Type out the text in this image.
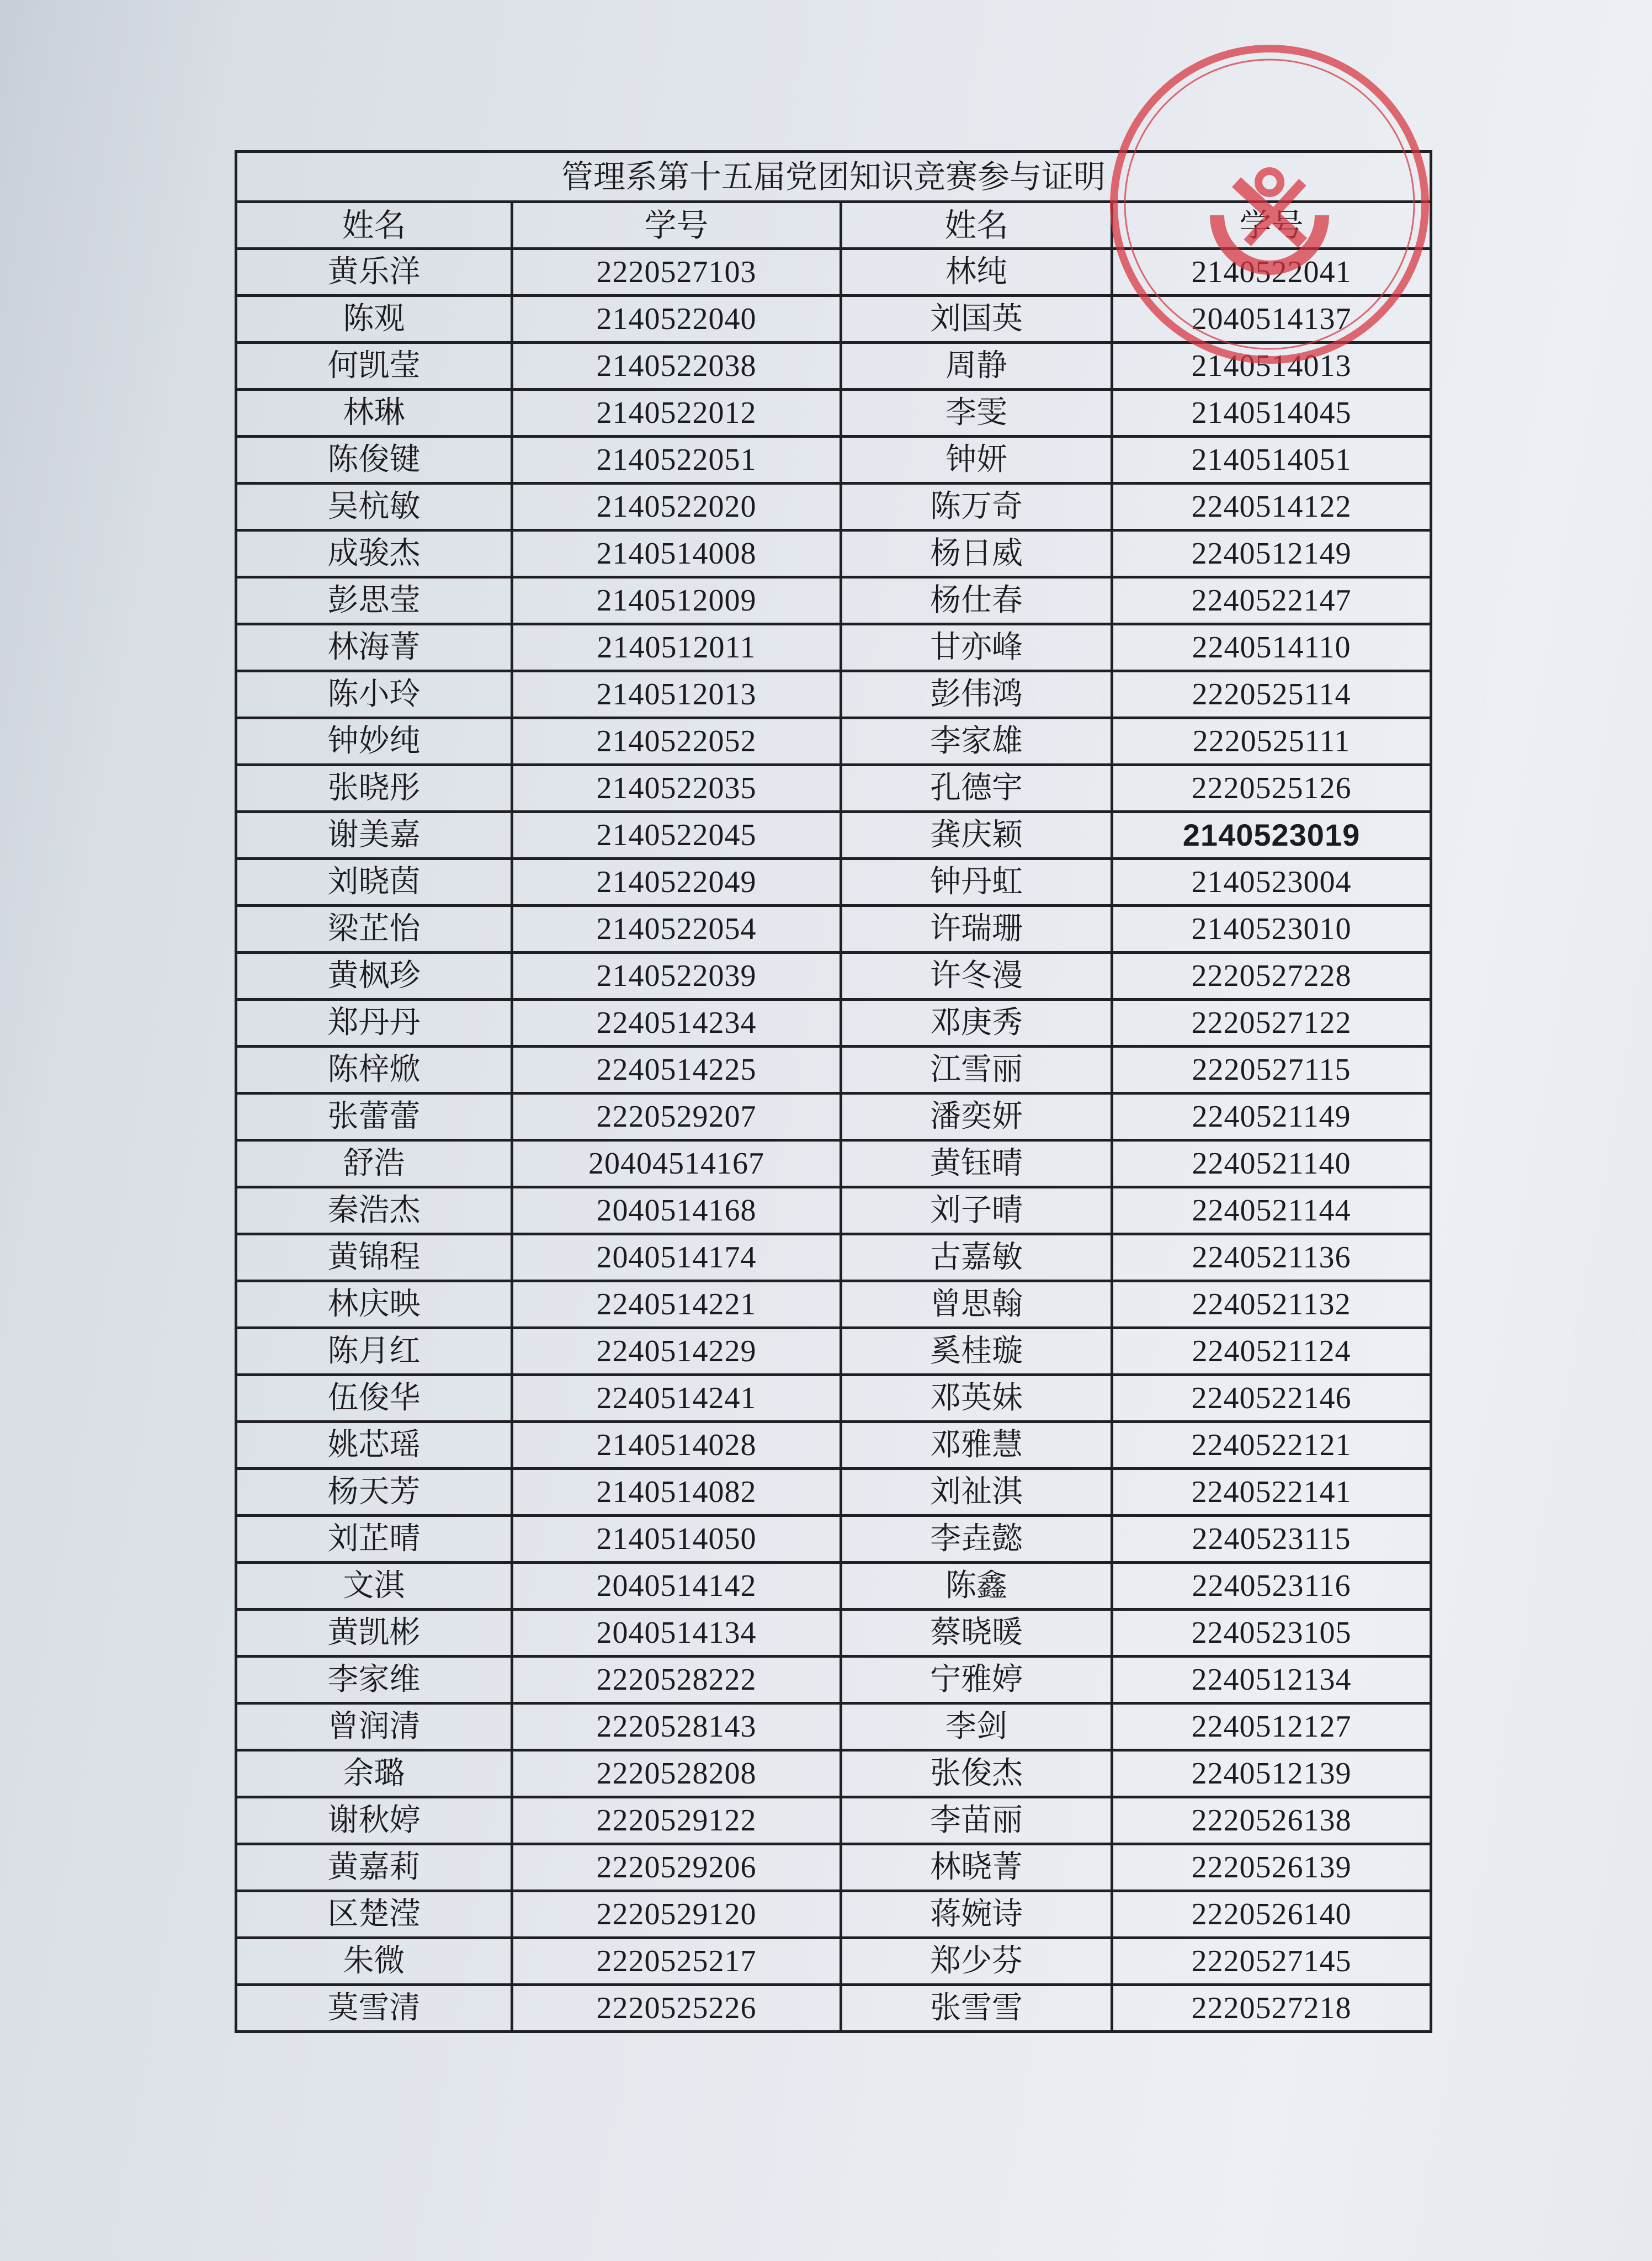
管理系第十五届党团知识竞赛参与证明			
姓名	学号	姓名	学号
黄乐洋	2220527103	林纯	2140522041
陈观	2140522040	刘国英	2040514137
何凯莹	2140522038	周静	2140514013
林琳	2140522012	李雯	2140514045
陈俊键	2140522051	钟妍	2140514051
吴杭敏	2140522020	陈万奇	2240514122
成骏杰	2140514008	杨日威	2240512149
彭思莹	2140512009	杨仕春	2240522147
林海菁	2140512011	甘亦峰	2240514110
陈小玲	2140512013	彭伟鸿	2220525114
钟妙纯	2140522052	李家雄	2220525111
张晓彤	2140522035	孔德宇	2220525126
谢美嘉	2140522045	龚庆颖	2140523019
刘晓茵	2140522049	钟丹虹	2140523004
梁芷怡	2140522054	许瑞珊	2140523010
黄枫珍	2140522039	许冬漫	2220527228
郑丹丹	2240514234	邓庚秀	2220527122
陈梓焮	2240514225	江雪丽	2220527115
张蕾蕾	2220529207	潘奕妍	2240521149
舒浩	20404514167	黄钰晴	2240521140
秦浩杰	2040514168	刘子晴	2240521144
黄锦程	2040514174	古嘉敏	2240521136
林庆映	2240514221	曾思翰	2240521132
陈月红	2240514229	奚桂璇	2240521124
伍俊华	2240514241	邓英妹	2240522146
姚芯瑶	2140514028	邓雅慧	2240522121
杨天芳	2140514082	刘祉淇	2240522141
刘芷晴	2140514050	李垚懿	2240523115
文淇	2040514142	陈鑫	2240523116
黄凯彬	2040514134	蔡晓暖	2240523105
李家维	2220528222	宁雅婷	2240512134
曾润清	2220528143	李剑	2240512127
余璐	2220528208	张俊杰	2240512139
谢秋婷	2220529122	李苗丽	2220526138
黄嘉莉	2220529206	林晓菁	2220526139
区楚滢	2220529120	蒋婉诗	2220526140
朱微	2220525217	郑少芬	2220527145
莫雪清	2220525226	张雪雪	2220527218
